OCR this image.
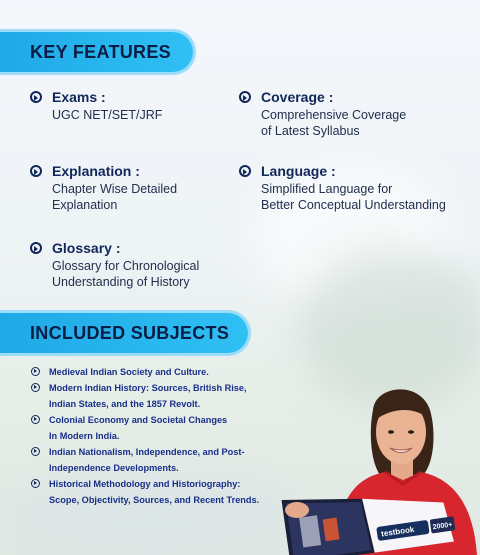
KEY FEATURES
Exams :
UGC NET/SET/JRF
Coverage :
Comprehensive Coverage
of Latest Syllabus
Explanation :
Chapter Wise Detailed
Explanation
Language :
Simplified Language for
Better Conceptual Understanding
Glossary :
Glossary for Chronological
Understanding of History
INCLUDED SUBJECTS

Medieval Indian Society and Culture.

Modern Indian History: Sources, British Rise,

Indian States, and the 1857 Revolt.

Colonial Economy and Societal Changes

In Modern India.

Indian Nationalism, Independence, and Post-

Independence Developments.

Historical Methodology and Historiography:

Scope, Objectivity, Sources, and Recent Trends.

testbook	2000+
